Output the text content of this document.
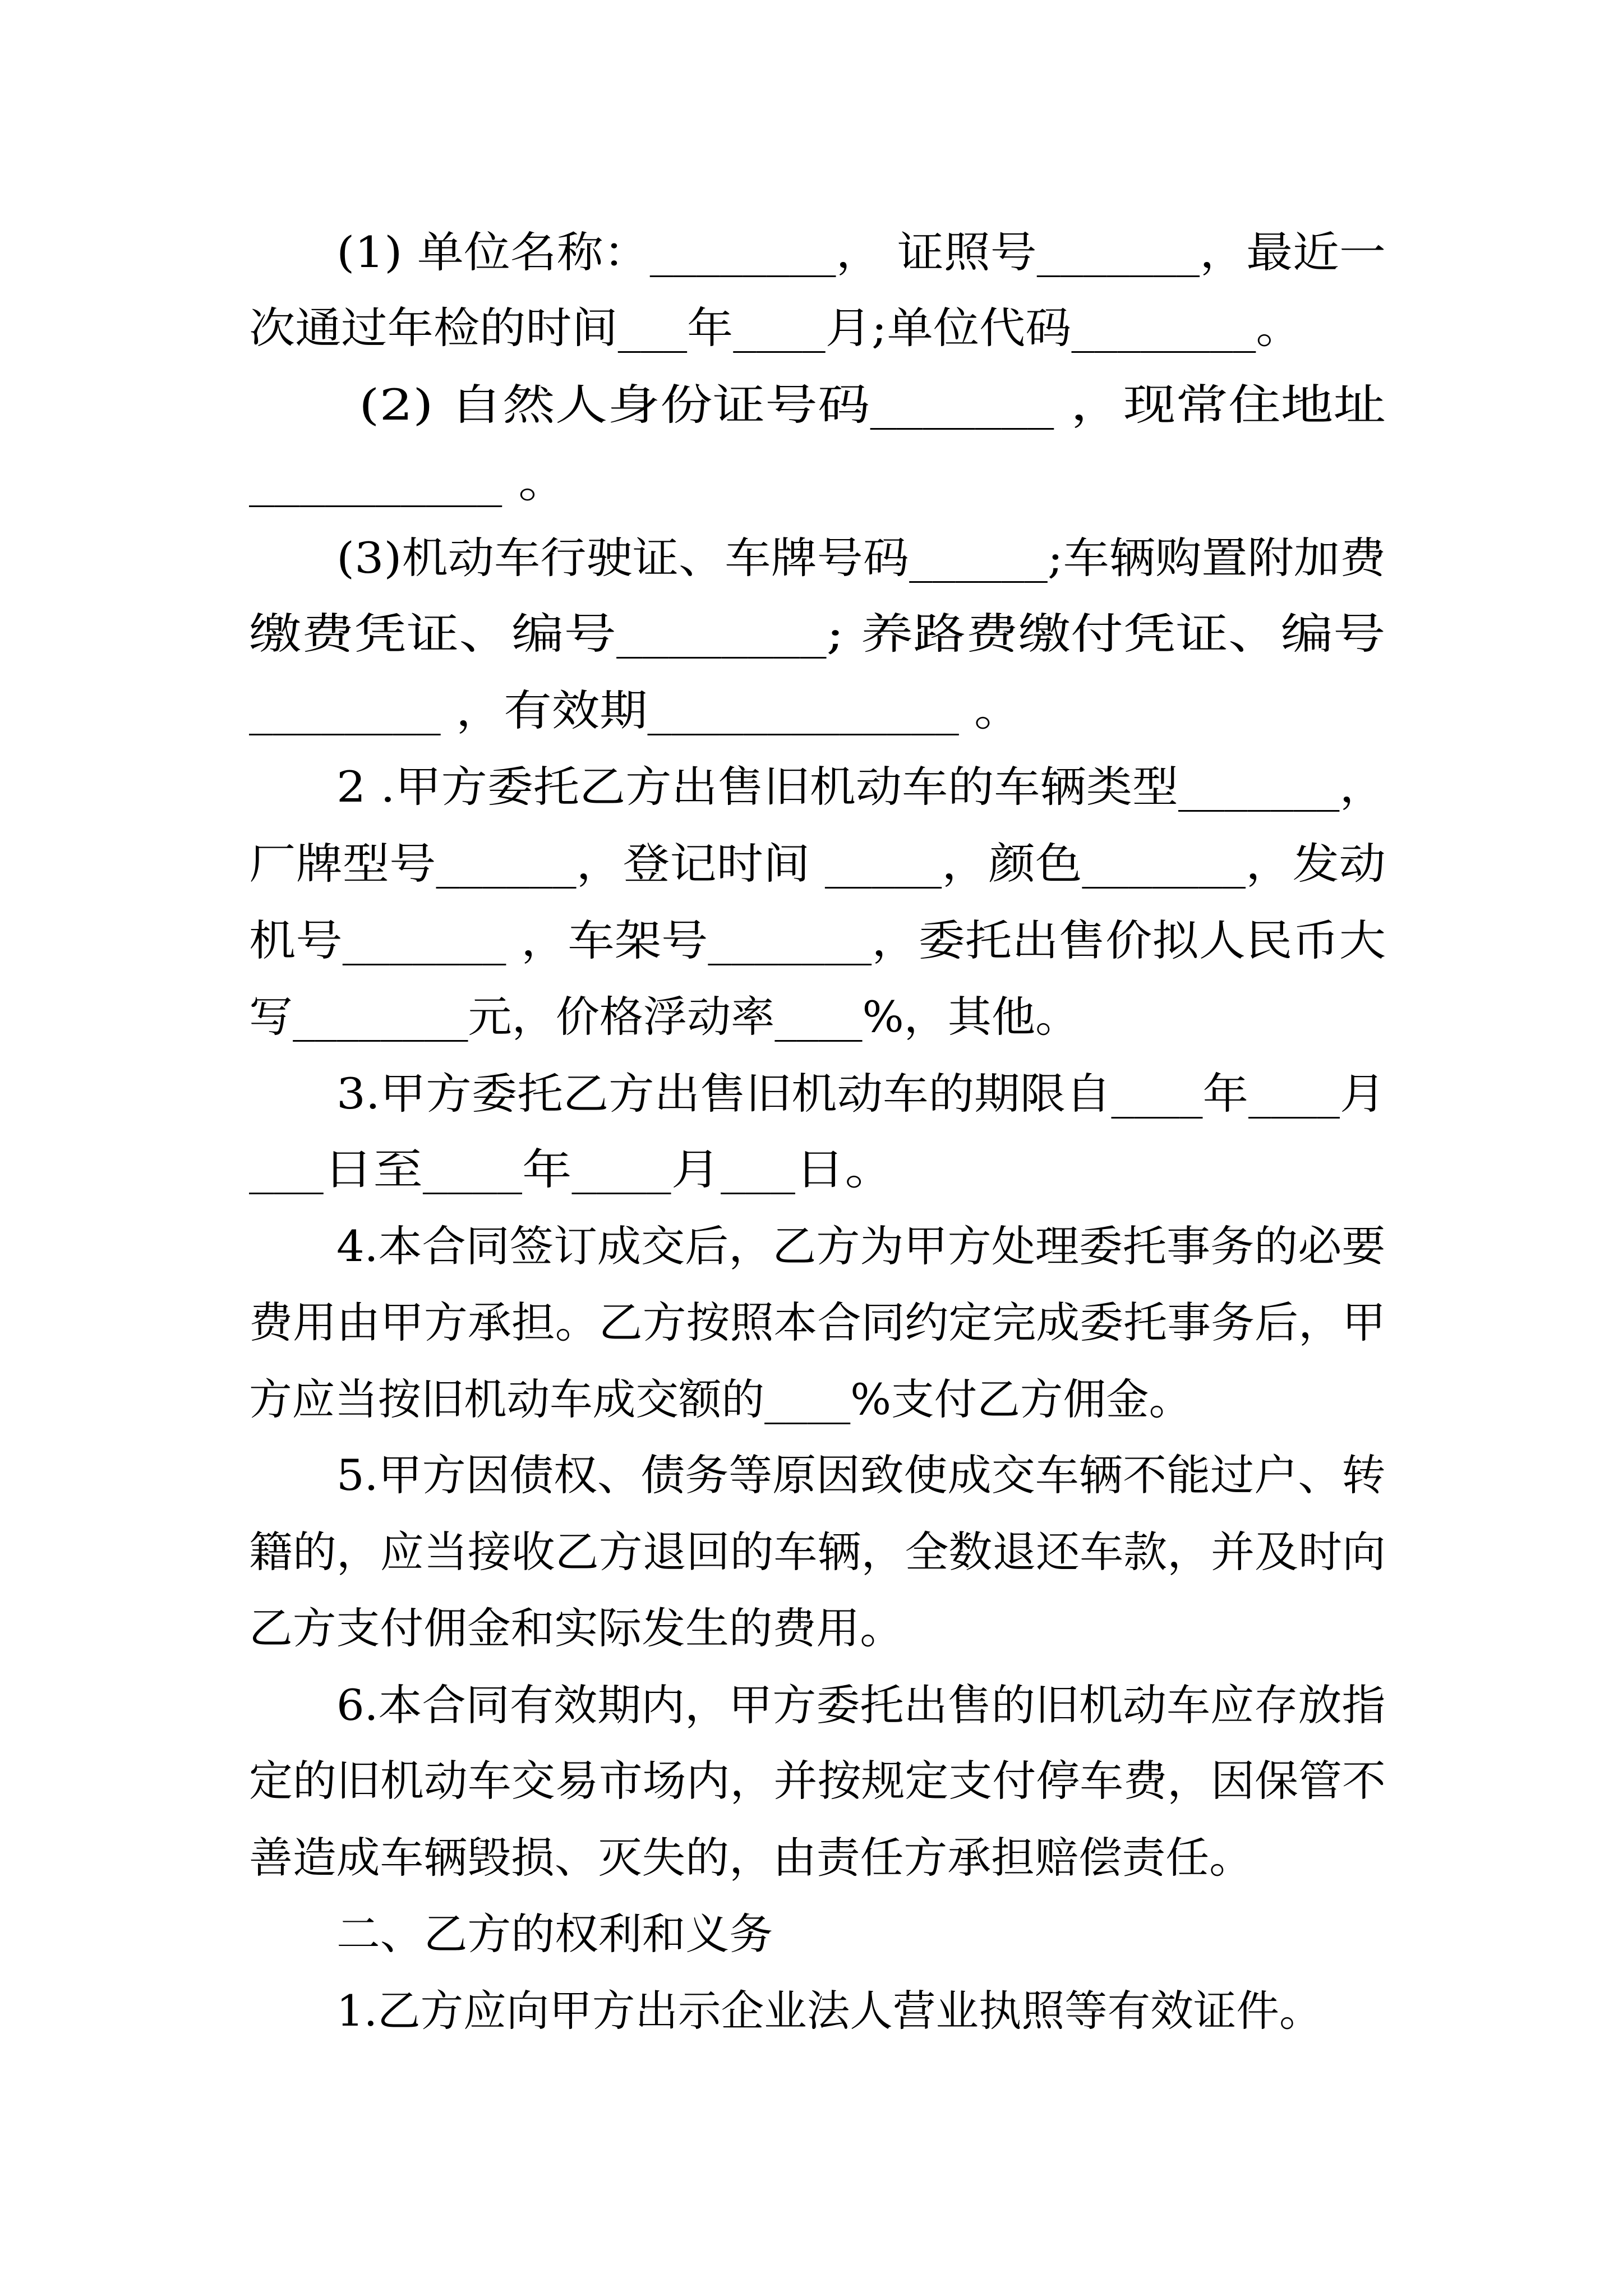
(1) 单位名称：________， 证照号_______，最近一
次通过年检的时间___年____月;单位代码________。
(2) 自然人身份证号码_______ ，现常住地址
__________ 。
(3)机动车行驶证、车牌号码______;车辆购置附加费
缴费凭证、编号________; 养路费缴付凭证、编号
________ ，有效期_____________ 。
2 .甲方委托乙方出售旧机动车的车辆类型_______，
厂牌型号______，登记时间 _____，颜色_______，发动
机号_______ ，车架号_______，委托出售价拟人民币大
写________元，价格浮动率____%，其他。
3.甲方委托乙方出售旧机动车的期限自____年____月
___日至____年____月___日。
4.本合同签订成交后，乙方为甲方处理委托事务的必要
费用由甲方承担。乙方按照本合同约定完成委托事务后，甲
方应当按旧机动车成交额的____%支付乙方佣金。
5.甲方因债权、债务等原因致使成交车辆不能过户、转
籍的，应当接收乙方退回的车辆，全数退还车款，并及时向
乙方支付佣金和实际发生的费用。
6.本合同有效期内，甲方委托出售的旧机动车应存放指
定的旧机动车交易市场内，并按规定支付停车费，因保管不
善造成车辆毁损、灭失的，由责任方承担赔偿责任。
二、乙方的权利和义务
1.乙方应向甲方出示企业法人营业执照等有效证件。
